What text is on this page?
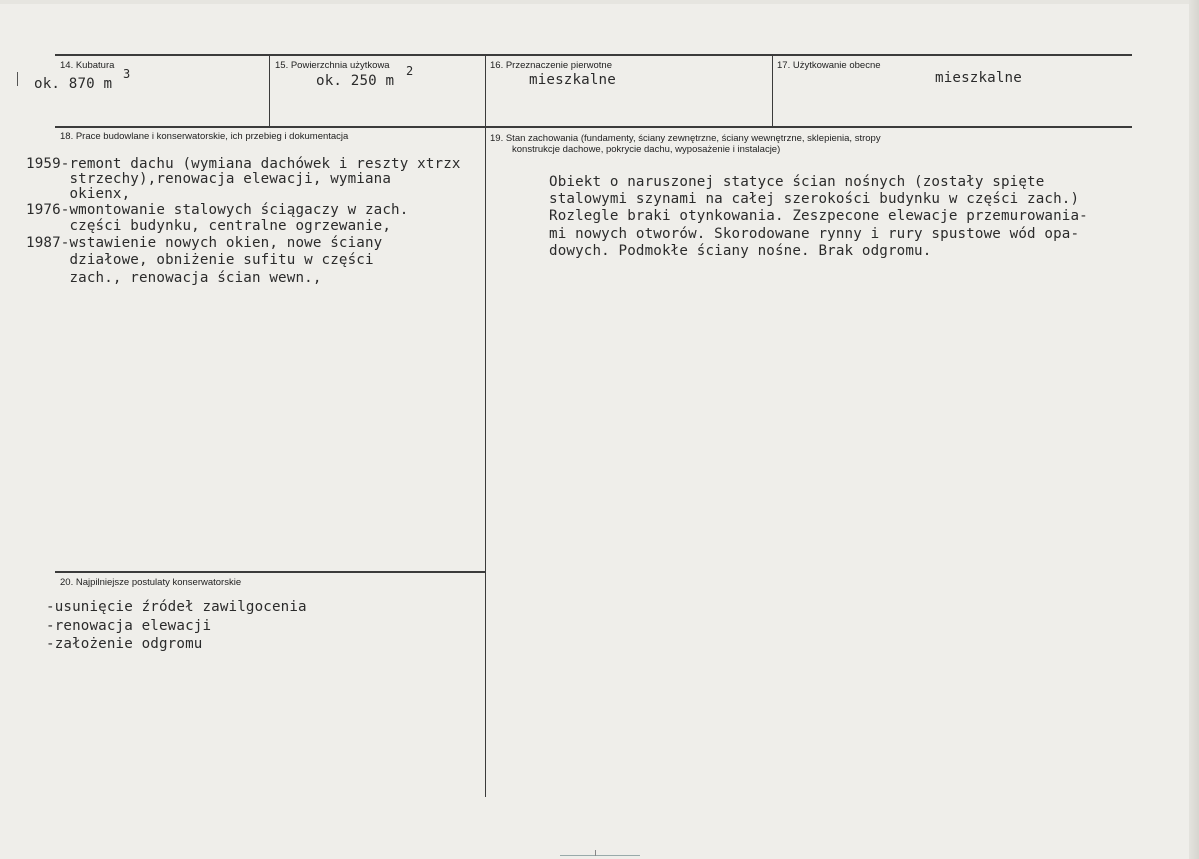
14. Kubatura
ok. 870 m
3
15. Powierzchnia użytkowa
ok. 250 m
2	16. Przeznaczenie pierwotne
mieszkalne
17. Użytkowanie obecne
mieszkalne
18. Prace budowlane i konserwatorskie, ich przebieg i dokumentacja
1959-remont dachu (wymiana dachówek i reszty xtrzx
strzechy),renowacja elewacji, wymiana
okienx,
1976-wmontowanie stalowych ściągaczy w zach.
części budynku, centralne ogrzewanie,
1987-wstawienie nowych okien, nowe ściany
działowe, obniżenie sufitu w części
zach., renowacja ścian wewn.,
19. Stan zachowania (fundamenty, ściany zewnętrzne, ściany wewnętrzne, sklepienia, stropy
konstrukcje dachowe, pokrycie dachu, wyposażenie i instalacje)
Obiekt o naruszonej statyce ścian nośnych (zostały spięte
stalowymi szynami na całej szerokości budynku w części zach.)
Rozlegle braki otynkowania. Zeszpecone elewacje przemurowania-
mi nowych otworów. Skorodowane rynny i rury spustowe wód opa-
dowych. Podmokłe ściany nośne. Brak odgromu.
20. Najpilniejsze postulaty konserwatorskie
-usunięcie źródeł zawilgocenia
-renowacja elewacji
-założenie odgromu
